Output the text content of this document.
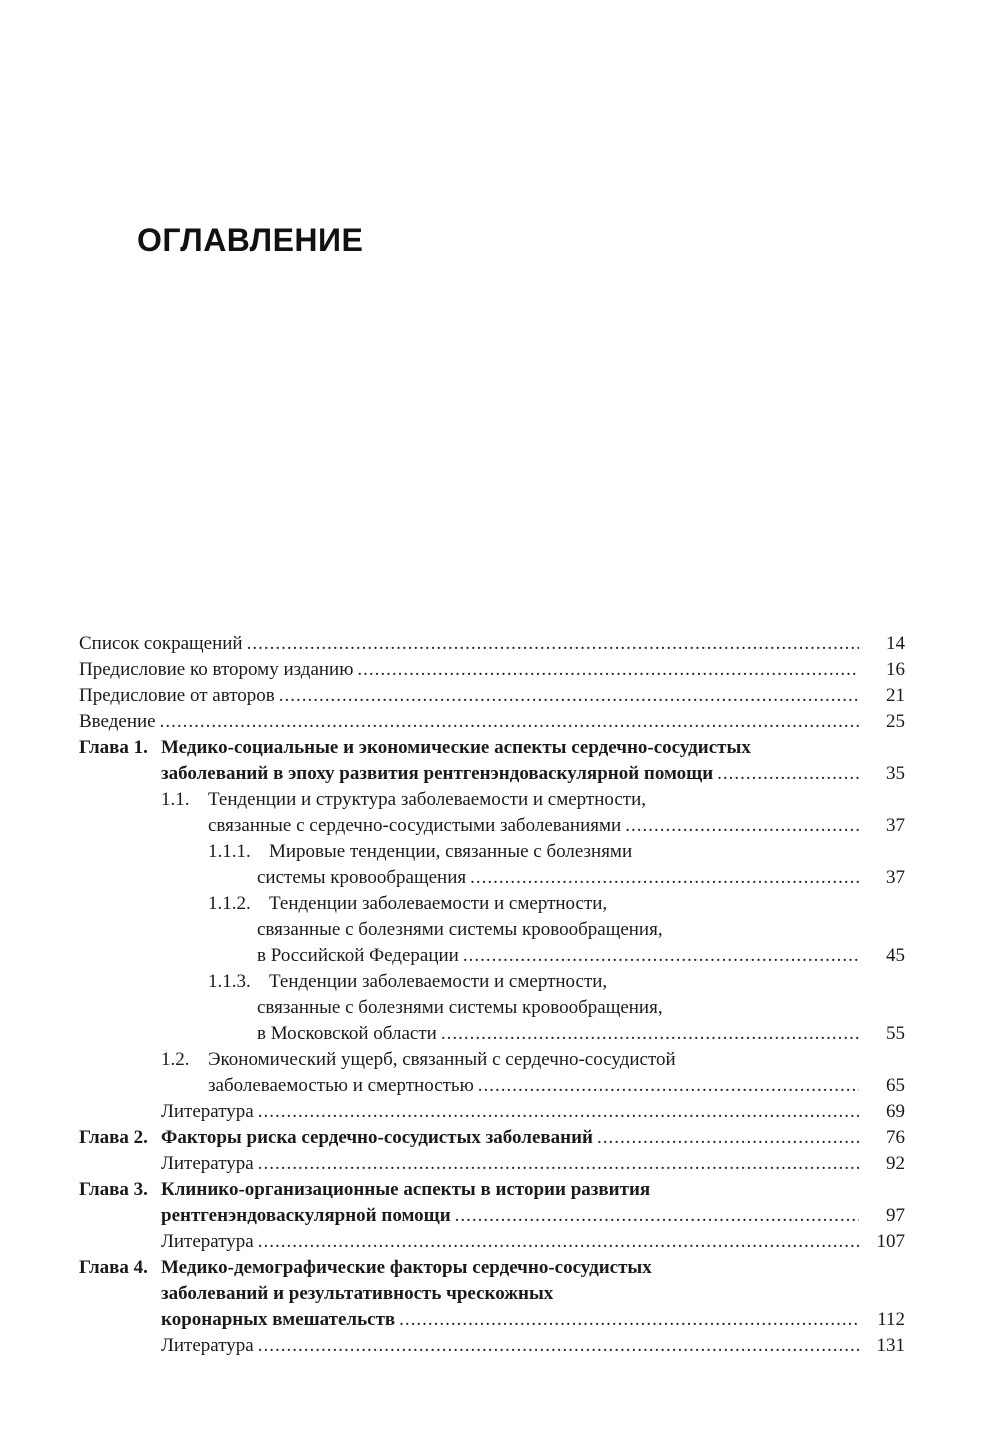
ОГЛАВЛЕНИЕ
Список сокращений .....	14
Предисловие ко второму изданию .....	16
Предисловие от авторов .....	21
Введение .....	25
Глава 1. Медико-социальные и экономические аспекты сердечно-сосудистых
заболеваний в эпоху развития рентгенэндоваскулярной помощи .....	35
1.1. Тенденции и структура заболеваемости и смертности,
связанные с сердечно-сосудистыми заболеваниями .....	37
1.1.1. Мировые тенденции, связанные с болезнями
системы кровообращения .....	37
1.1.2. Тенденции заболеваемости и смертности,
связанные с болезнями системы кровообращения,
в Российской Федерации .....	45
1.1.3. Тенденции заболеваемости и смертности,
связанные с болезнями системы кровообращения,
в Московской области .....	55
1.2. Экономический ущерб, связанный с сердечно-сосудистой
заболеваемостью и смертностью .....	65
Литература .....	69
Глава 2. Факторы риска сердечно-сосудистых заболеваний .....	76
Литература .....	92
Глава 3. Клинико-организационные аспекты в истории развития
рентгенэндоваскулярной помощи .....	97
Литература .....	107
Глава 4. Медико-демографические факторы сердечно-сосудистых
заболеваний и результативность чрескожных
коронарных вмешательств .....	112
Литература .....	131
